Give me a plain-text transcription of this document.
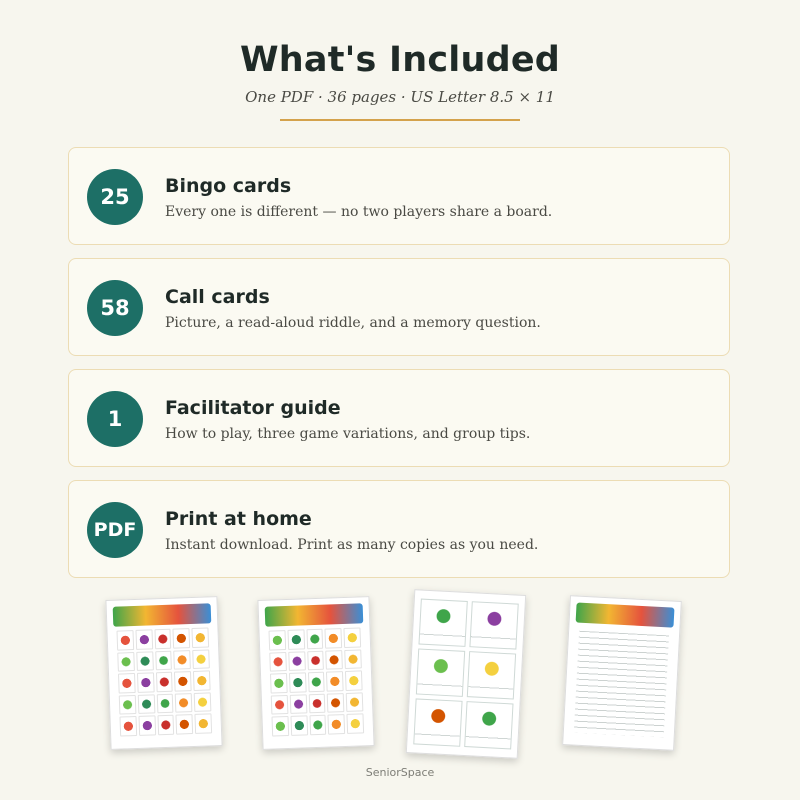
What's Included
One PDF · 36 pages · US Letter 8.5 × 11
25	Bingo cards
Every one is different — no two players share a board.
58	Call cards
Picture, a read-aloud riddle, and a memory question.
1	Facilitator guide
How to play, three game variations, and group tips.
PDF	Print at home
Instant download. Print as many copies as you need.
SeniorSpace
